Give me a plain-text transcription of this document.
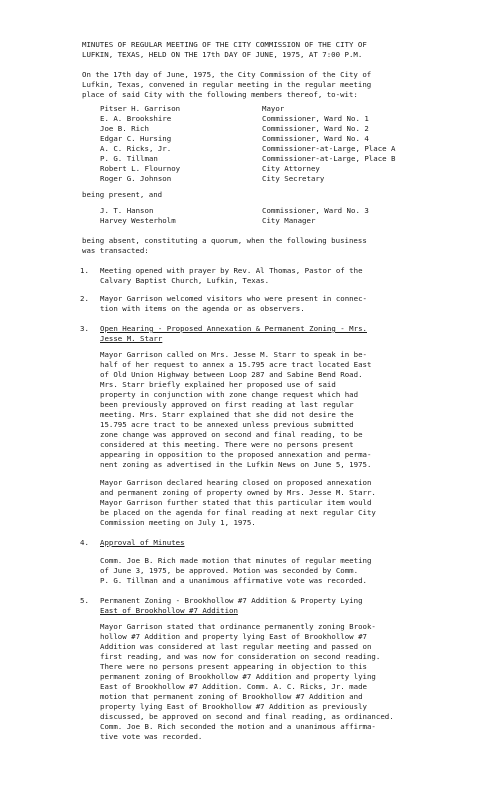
MINUTES OF REGULAR MEETING OF THE CITY COMMISSION OF THE CITY OF
LUFKIN, TEXAS, HELD ON THE 17th DAY OF JUNE, 1975, AT 7:00 P.M.
On the 17th day of June, 1975, the City Commission of the City of
Lufkin, Texas, convened in regular meeting in the regular meeting
place of said City with the following members thereof, to-wit:
Pitser H. Garrison	Mayor
E. A. Brookshire	Commissioner, Ward No. 1
Joe B. Rich	Commissioner, Ward No. 2
Edgar C. Hursing	Commissioner, Ward No. 4
A. C. Ricks, Jr.	Commissioner-at-Large, Place A
P. G. Tillman	Commissioner-at-Large, Place B
Robert L. Flournoy	City Attorney
Roger G. Johnson	City Secretary
being present, and
J. T. Hanson	Commissioner, Ward No. 3
Harvey Westerholm	City Manager
being absent, constituting a quorum, when the following business
was transacted:
1. Meeting opened with prayer by Rev. Al Thomas, Pastor of the
Calvary Baptist Church, Lufkin, Texas.
2. Mayor Garrison welcomed visitors who were present in connec-
tion with items on the agenda or as observers.
3. Open Hearing - Proposed Annexation & Permanent Zoning - Mrs.
Jesse M. Starr
Mayor Garrison called on Mrs. Jesse M. Starr to speak in be-
half of her request to annex a 15.795 acre tract located East
of Old Union Highway between Loop 287 and Sabine Bend Road.
Mrs. Starr briefly explained her proposed use of said
property in conjunction with zone change request which had
been previously approved on first reading at last regular
meeting. Mrs. Starr explained that she did not desire the
15.795 acre tract to be annexed unless previous submitted
zone change was approved on second and final reading, to be
considered at this meeting. There were no persons present
appearing in opposition to the proposed annexation and perma-
nent zoning as advertised in the Lufkin News on June 5, 1975.
Mayor Garrison declared hearing closed on proposed annexation
and permanent zoning of property owned by Mrs. Jesse M. Starr.
Mayor Garrison further stated that this particular item would
be placed on the agenda for final reading at next regular City
Commission meeting on July 1, 1975.
4. Approval of Minutes
Comm. Joe B. Rich made motion that minutes of regular meeting
of June 3, 1975, be approved. Motion was seconded by Comm.
P. G. Tillman and a unanimous affirmative vote was recorded.
5. Permanent Zoning - Brookhollow #7 Addition & Property Lying
East of Brookhollow #7 Addition
Mayor Garrison stated that ordinance permanently zoning Brook-
hollow #7 Addition and property lying East of Brookhollow #7
Addition was considered at last regular meeting and passed on
first reading, and was now for consideration on second reading.
There were no persons present appearing in objection to this
permanent zoning of Brookhollow #7 Addition and property lying
East of Brookhollow #7 Addition. Comm. A. C. Ricks, Jr. made
motion that permanent zoning of Brookhollow #7 Addition and
property lying East of Brookhollow #7 Addition as previously
discussed, be approved on second and final reading, as ordinanced.
Comm. Joe B. Rich seconded the motion and a unanimous affirma-
tive vote was recorded.
